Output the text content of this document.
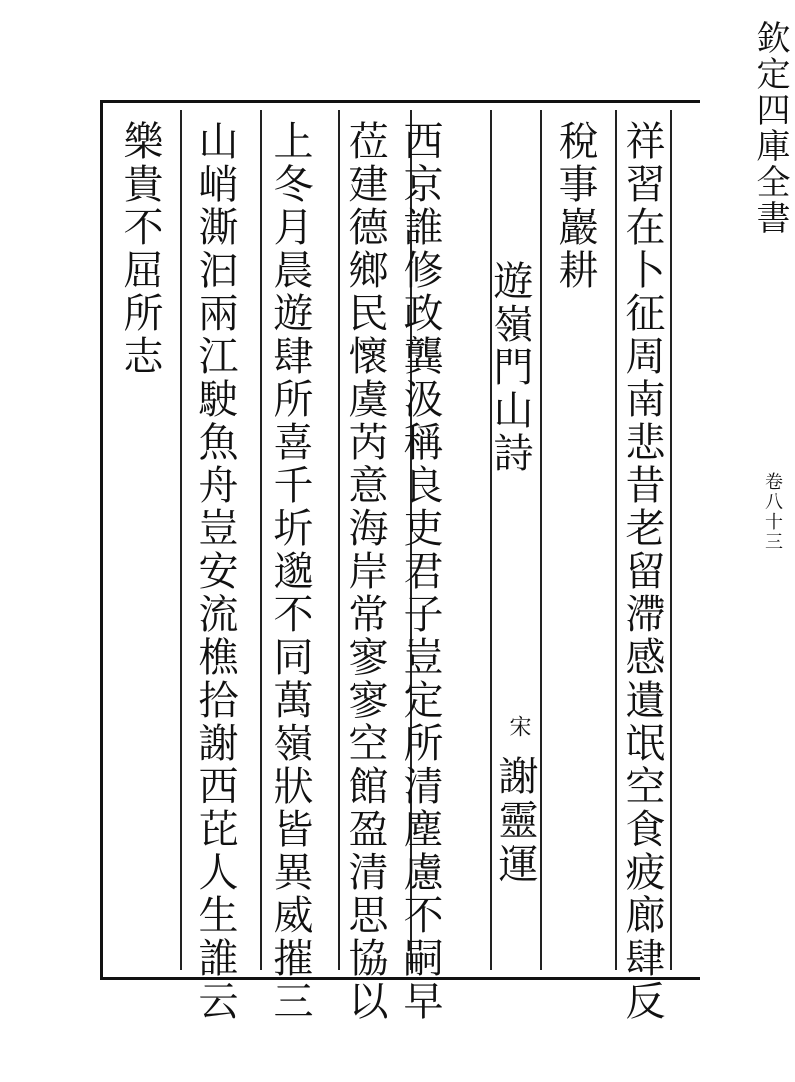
祥習在卜征周南悲昔老留滯感遺氓空食疲廊肆反
稅事巖耕
遊嶺門山詩
西京誰修政龔汲稱良吏君子豈定所清塵慮不嗣早
莅建德鄉民懷虞芮意海岸常寥寥空館盈清思協以
上冬月晨遊肆所喜千圻邈不同萬嶺狀皆異威摧三
山峭澌汩兩江駛魚舟豈安流樵拾謝西芘人生誰云
樂貴不屈所志	欽定四庫全書
卷八十三
宋
謝靈運
